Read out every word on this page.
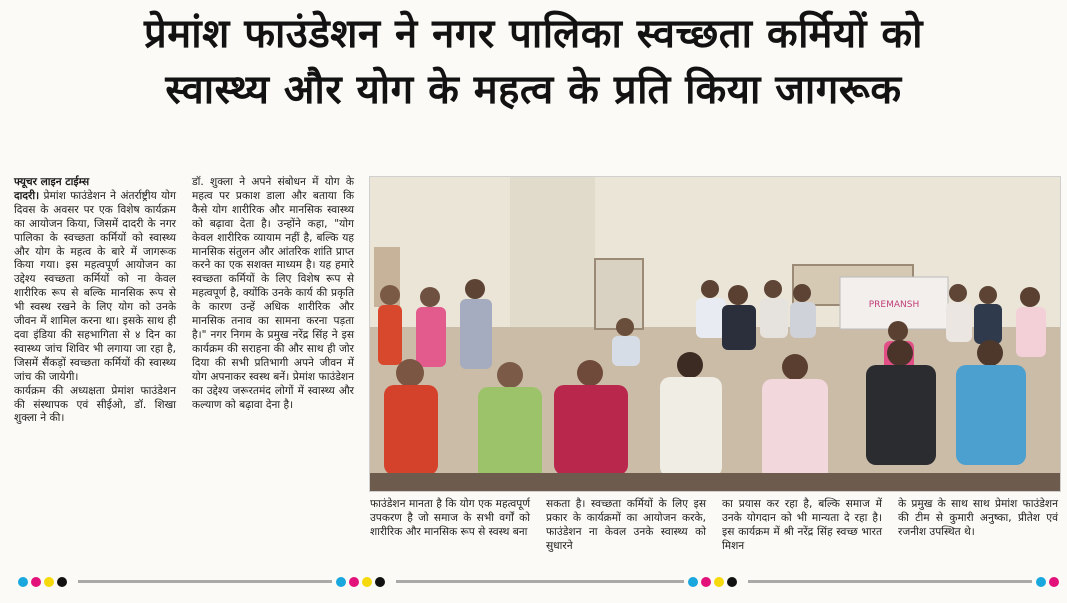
प्रेमांश फाउंडेशन ने नगर पालिका स्वच्छता कर्मियों को
स्वास्थ्य और योग के महत्व के प्रति किया जागरूक

फ्यूचर लाइन टाईम्स

दादरी। प्रेमांश फाउंडेशन ने अंतर्राष्ट्रीय योग दिवस के अवसर पर एक विशेष कार्यक्रम का आयोजन किया, जिसमें दादरी के नगर पालिका के स्वच्छता कर्मियों को स्वास्थ्य और योग के महत्व के बारे में जागरूक किया गया। इस महत्वपूर्ण आयोजन का उद्देश्य स्वच्छता कर्मियों को ना केवल शारीरिक रूप से बल्कि मानसिक रूप से भी स्वस्थ रखने के लिए योग को उनके जीवन में शामिल करना था। इसके साथ ही दवा इंडिया की सहभागिता से ४ दिन का स्वास्थ्य जांच शिविर भी लगाया जा रहा है, जिसमें सैंकड़ों स्वच्छता कर्मियों की स्वास्थ्य जांच की जायेगी।

कार्यक्रम की अध्यक्षता प्रेमांश फाउंडेशन की संस्थापक एवं सीईओ, डॉ. शिखा शुक्ला ने की।

डॉ. शुक्ला ने अपने संबोधन में योग के महत्व पर प्रकाश डाला और बताया कि कैसे योग शारीरिक और मानसिक स्वास्थ्य को बढ़ावा देता है। उन्होंने कहा, "योग केवल शारीरिक व्यायाम नहीं है, बल्कि यह मानसिक संतुलन और आंतरिक शांति प्राप्त करने का एक सशक्त माध्यम है। यह हमारे स्वच्छता कर्मियों के लिए विशेष रूप से महत्वपूर्ण है, क्योंकि उनके कार्य की प्रकृति के कारण उन्हें अधिक शारीरिक और मानसिक तनाव का सामना करना पड़ता है।" नगर निगम के प्रमुख नरेंद्र सिंह ने इस कार्यक्रम की सराहना की और साथ ही जोर दिया की सभी प्रतिभागी अपने जीवन में योग अपनाकर स्वस्थ बनें। प्रेमांश फाउंडेशन का उद्देश्य जरूरतमंद लोगों में स्वास्थ्य और कल्याण को बढ़ावा देना है।

PREMANSH

फाउंडेशन मानता है कि योग एक महत्वपूर्ण उपकरण है जो समाज के सभी वर्गों को शारीरिक और मानसिक रूप से स्वस्थ बना

सकता है। स्वच्छता कर्मियों के लिए इस प्रकार के कार्यक्रमों का आयोजन करके, फाउंडेशन ना केवल उनके स्वास्थ्य को सुधारने

का प्रयास कर रहा है, बल्कि समाज में उनके योगदान को भी मान्यता दे रहा है। इस कार्यक्रम में श्री नरेंद्र सिंह स्वच्छ भारत मिशन

के प्रमुख के साथ साथ प्रेमांश फाउंडेशन की टीम से कुमारी अनुष्का, प्रीतेश एवं रजनीश उपस्थित थे।
